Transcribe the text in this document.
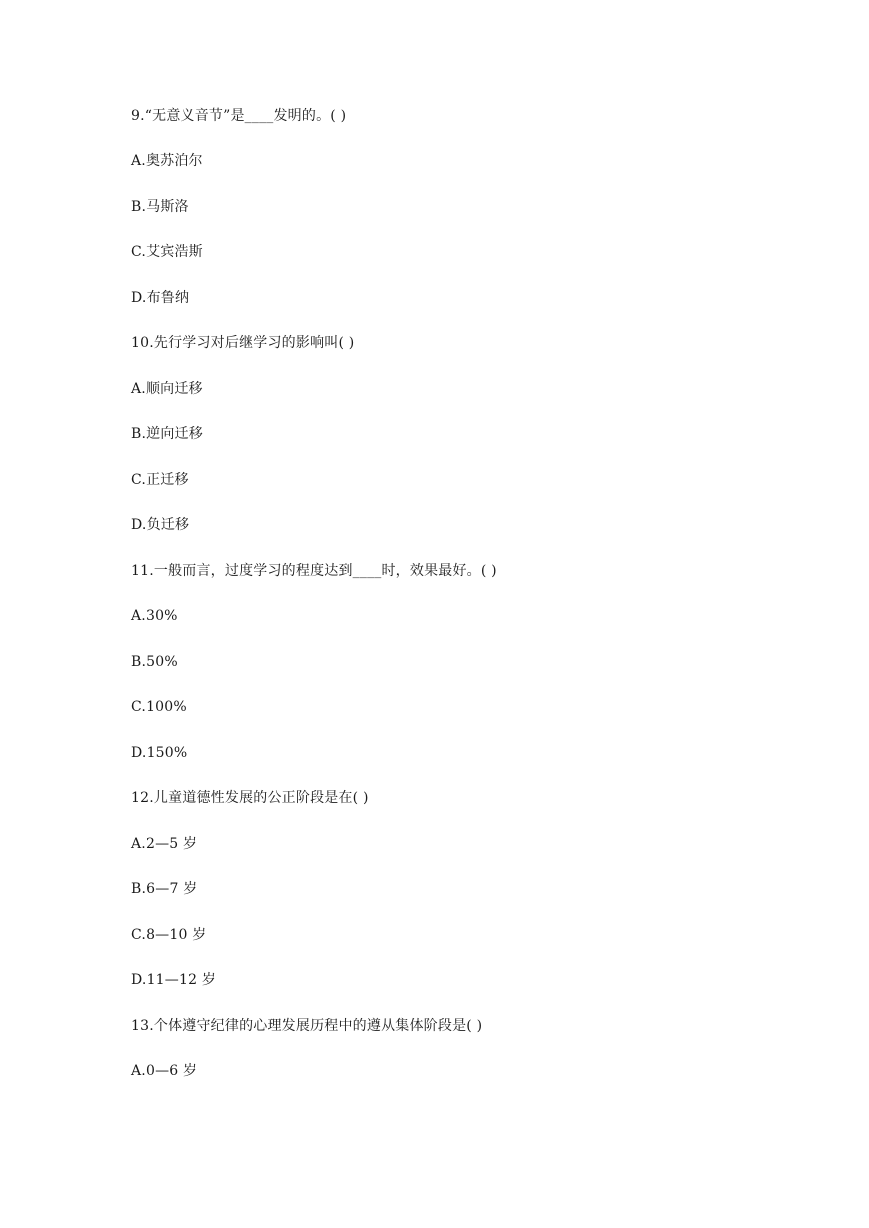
9.“无意义音节”是____发明的。( )
A.奥苏泊尔
B.马斯洛
C.艾宾浩斯
D.布鲁纳
10.先行学习对后继学习的影响叫( )
A.顺向迁移
B.逆向迁移
C.正迁移
D.负迁移
11.一般而言，过度学习的程度达到____时，效果最好。( )
A.30%
B.50%
C.100%
D.150%
12.儿童道德性发展的公正阶段是在( )
A.2—5 岁
B.6—7 岁
C.8—10 岁
D.11—12 岁
13.个体遵守纪律的心理发展历程中的遵从集体阶段是( )
A.0—6 岁
